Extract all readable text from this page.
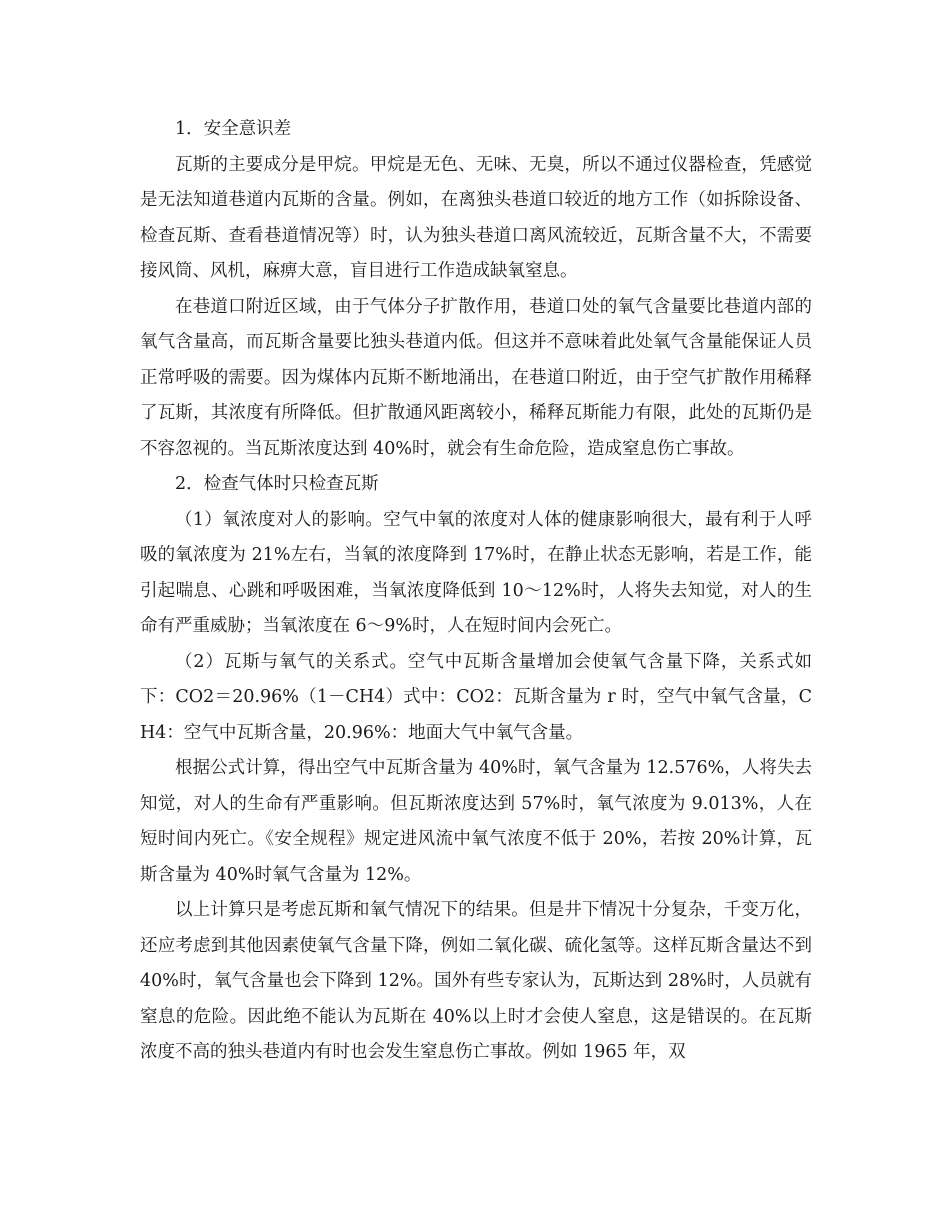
1．安全意识差

瓦斯的主要成分是甲烷。甲烷是无色、无味、无臭，所以不通过仪器检查，凭感觉是无法知道巷道内瓦斯的含量。例如，在离独头巷道口较近的地方工作（如拆除设备、检查瓦斯、查看巷道情况等）时，认为独头巷道口离风流较近，瓦斯含量不大，不需要接风筒、风机，麻痹大意，盲目进行工作造成缺氧窒息。

在巷道口附近区域，由于气体分子扩散作用，巷道口处的氧气含量要比巷道内部的氧气含量高，而瓦斯含量要比独头巷道内低。但这并不意味着此处氧气含量能保证人员正常呼吸的需要。因为煤体内瓦斯不断地涌出，在巷道口附近，由于空气扩散作用稀释了瓦斯，其浓度有所降低。但扩散通风距离较小，稀释瓦斯能力有限，此处的瓦斯仍是不容忽视的。当瓦斯浓度达到 40%时，就会有生命危险，造成窒息伤亡事故。

2．检查气体时只检查瓦斯

（1）氧浓度对人的影响。空气中氧的浓度对人体的健康影响很大，最有利于人呼吸的氧浓度为 21%左右，当氧的浓度降到 17%时，在静止状态无影响，若是工作，能引起喘息、心跳和呼吸困难，当氧浓度降低到 10～12%时，人将失去知觉，对人的生命有严重威胁；当氧浓度在 6～9%时，人在短时间内会死亡。

（2）瓦斯与氧气的关系式。空气中瓦斯含量增加会使氧气含量下降，关系式如下：CO2＝20.96%（1－CH4）式中：CO2：瓦斯含量为 r 时，空气中氧气含量，CH4：空气中瓦斯含量，20.96%：地面大气中氧气含量。

根据公式计算，得出空气中瓦斯含量为 40%时，氧气含量为 12.576%，人将失去知觉，对人的生命有严重影响。但瓦斯浓度达到 57%时，氧气浓度为 9.013%，人在短时间内死亡。《安全规程》规定进风流中氧气浓度不低于 20%，若按 20%计算，瓦斯含量为 40%时氧气含量为 12%。

以上计算只是考虑瓦斯和氧气情况下的结果。但是井下情况十分复杂，千变万化，还应考虑到其他因素使氧气含量下降，例如二氧化碳、硫化氢等。这样瓦斯含量达不到 40%时，氧气含量也会下降到 12%。国外有些专家认为，瓦斯达到 28%时，人员就有窒息的危险。因此绝不能认为瓦斯在 40%以上时才会使人窒息，这是错误的。在瓦斯浓度不高的独头巷道内有时也会发生窒息伤亡事故。例如 1965 年，双
